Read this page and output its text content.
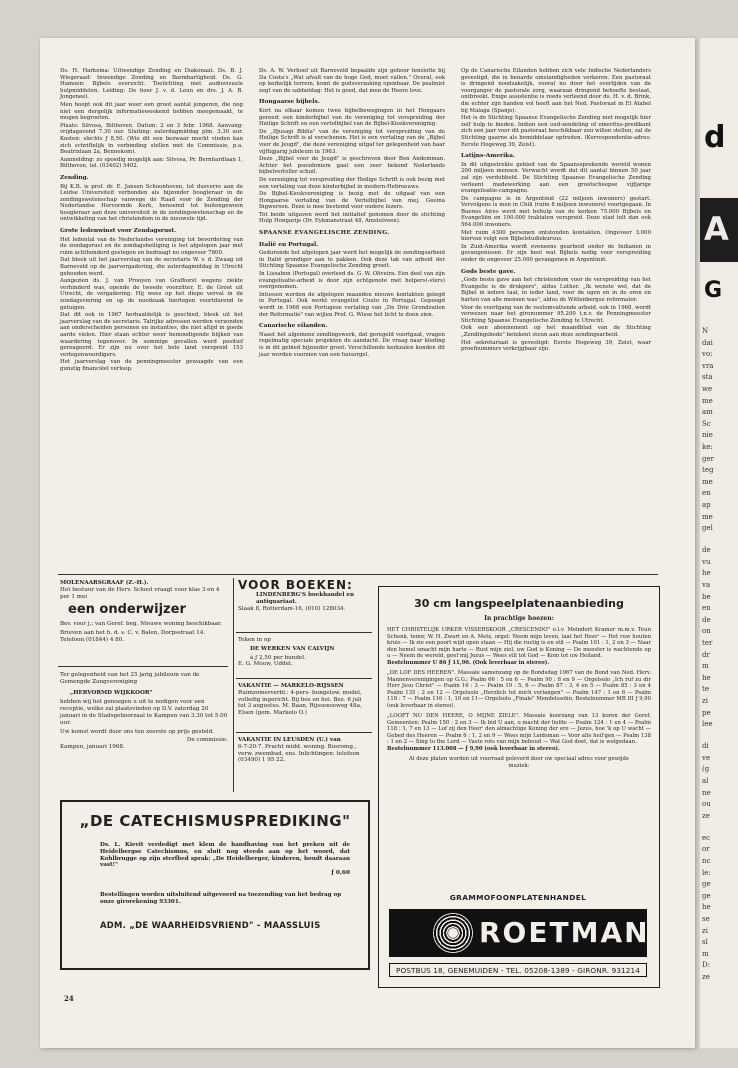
Ds. H. Harkema: Uitwendige Zending en Diakonaat. Ds. B. J. Wiegeraad: Inwendige Zending en Barmhartigheid. Ds. G. Hamoen: Bijbels overzicht. Toelichting met audiovisuele hulpmiddelen. Leiding: De heer J. v. d. Leun en drs. J. A. B. Jongeneel.

Men hoopt ook dit jaar weer een groot aantal jongeren, die nog niet een dergelijk informatieweekend hebben meegemaakt, te mogen begroeten.

Plaats: Silvosa, Bilthoven. Datum: 2 en 3 febr. 1968. Aanvang: vrijdagavond 7.30 uur. Sluiting: zaterdagmiddag plm. 3.30 uur. Kosten: slechts ƒ 8,50. (Wie dit een bezwaar mocht vinden kan zich schriftelijk in verbinding stellen met de Commissie, p.a. Beatrixlaan 2a, Bennekom).

Aanmelding: zo spoedig mogelijk aan: Silvosa, Pr. Bernhardlaan 1, Bilthoven, tel. (03402) 5402.

Zending.

Bij K.B. is prof. dr. E. Jansen Schoonhoven, tot dusverre aan de Leidse Universiteit verbonden als bijzonder hoogleraar in de zendingswetenschap vanwege de Raad voor de Zending der Nederlandse Hervormde Kerk, benoemd tot buitengewoon hoogleraar aan deze universiteit in de zendingswetenschap en de ontwikkeling van het christendom in de nieuwste tijd.

Grote ledenwinst voor Zendagsrust.

Het ledental van de Nederlandse vereniging tot bevordering van de zondagsrust en de zondagsheiliging is het afgelopen jaar met ruim achthonderd gestegen en bedraagt nu ongeveer 7800.

Dat bleek uit het jaarverslag van de secretaris W. v. d. Zwaag uit Barneveld op de jaarvergadering, die zaterdagmiddag in Utrecht gehouden werd.

Aangezien ds. J. van Prooyen van Grafhorst wegens ziekte verhinderd was, opende de tweede voorzitter, E. de Groot uit Utrecht, de vergadering. Hij wees op het diepe verval in de zondagsviering en op de noodzaak hiertegen voortdurend te getuigen.

Dat dit ook in 1967 herhaaldelijk is geschied, bleek uit het jaarverslag van de secretaris. Talrijke adressen werden verzonden aan onderscheiden personen en instanties, die niet altijd in goede aarde vielen. Hier staan echter weer bemoedigende blijken van waardering tegenover. In sommige gevallen werd positief gereageerd. Er zijn nu over het hele land verspreid 153 vertegenwoordigers.

Het jaarverslag van de penningmeester gewaagde van een gunstig financiëel verloop.

Ds. A. W. Verhoef uit Barneveld bepaalde zijn gehoor tenslotte bij Da Costa's „Wat afvalt van de hoge God, moet vallen." Overal, ook op kerkelijk terrein, komt de godsverzaking openbaar. De psalmist zegt van de sabbatdag: Het is goed, dat men de Heere love.

Hongaarse bijbels.

Kort na elkaar komen twee bijbelbewegingen in het Hongaars gereed: een kinderbijbel van de vereniging tot verspreiding der Heilige Schrift en een vertelbijbel van de Bijbel-Kioskvereniging.

De „Ifjusagi Biblia" van de vereniging tot verspreiding van de Heilige Schrift is al verschenen. Het is een vertaling van de „Bijbel voor de Jeugd", die deze vereniging uitgaf ter gelegenheid van haar vijftigjarig jubileum in 1963.

Deze „Bijbel voor de Jeugd" is geschreven door Ben Andemman. Achter het pseudoniem gaat een zeer bekend Nederlands bijbelverteller schuil.

De vereniging tot verspreiding der Heilige Schrift is ook bezig met een vertaling van deze kinderbijbel in modern-Hebreeuws.

De Bijbel-Kioskvereniging is bezig met de uitgaaf van een Hongaarse vertaling van de Vertelbijbel van mej. Geeina Ingwersen. Deze is mee bestemd voor oudere lezers.

Tot beide uitgaven werd het initiatief genomen door de stichting Hulp Hongarije (Dr. Eykmanstraat 48, Amstelveen).

SPAANSE EVANGELISCHE ZENDING.
Italië en Portugal.

Gedurende het afgelopen jaar werd het mogelijk de zendingsarbeid in Italië grondiger aan te pakken. Ook deze tak van arbeid der Stichting Spaanse Evangelische Zending groeit.

In Lissabon (Portugal) overleed ds. G. W. Oliveira. Een deel van zijn evangelisatie-arbeid is door zijn echtgenote met helpers(-sters) overgenomen.

Intussen werden de afgelopen maanden nieuwe kontakten gelegd in Portugal. Ook werkt evangelist Couto in Portugal. Gepoogd wordt in 1968 een Portugese vertaling van „De Drie Grondzuilen der Reformatie" van wijlen Prof. G. Wisse het licht te doen zien.

Canarische eilanden.

Naast het algemene zendingswerk, dat geregeld voortgaat, vragen regelmatig speciale projekten de aandacht. De vraag naar kleding is in dit gebied bijzonder groot. Verschillende kerkzalen konden dit jaar worden voorzien van een huisorgel.

Op de Canarische Eilanden hebben zich vele Indische Nederlanders gevestigd, die in benarde omstandigheden verkeren. Een pastoraat is dringend noodzakelijk, vooral nu door het overlijden van de voorganger de pastorale zorg, waaraan dringend behoefte bestaat, ontbreekt. Enige assistentie is reeds verleend door ds. H. v. d. Brink, die echter zijn handen vol heeft aan het Ned. Pastoraat in El Atabel bij Malaga (Spanje).

Het is de Stichting Spaanse Evangelische Zending niet mogelijk hier zelf hulp te bieden. Indien een oud-zendeling of emeritus-predikant zich een jaar voor dit pastoraat beschikbaar zou willen stellen, zal de Stichting gaarne als bemiddelaar optreden. (Korrespondentie-adres: Eerste Hogeweg 39, Zeist).

Latijns-Amerika.

In dit uitgestrekte gebied van de Spaanssprekende wereld wonen 200 miljoen mensen. Verwacht wordt dat dit aantal binnen 50 jaar zal zijn verdubbeld. De Stichting Spaanse Evangelische Zending verleent medewerking aan een grootscheepse vijfjarige evangelisatie-campagne.

De campagne is in Argentinië (22 miljoen inwoners) gestart. Vervolgens is men in Chili (ruim 8 miljoen inwoners) voortgegaan. In Buenos Aires werd met behulp van de kerken 75.000 Bijbels en Evangeliën en 100.000 traktaten verspreid. Deze stad telt dan ook 564.000 inwoners.

Met ruim 4300 personen ontstonden kontakten. Ongeveer 3.000 hiervan volgt een Bijbelstudiekursus.

In Zuid-Amerika wordt eveneens gearbeid onder de Indianen in gevangenissen. Er zijn heel wat Bijbels nodig voor verspreiding onder de ongeveer 25.000 gevangenen in Argentinië.

Gods beste gave.

„Gods beste gave aan het christendom voor de verspreiding van het Evangelie is de drukpers", aldus Luther. „Ik wenste wel, dat de Bijbel in iedere taal, in ieder land, voor de ogen en in de oren en harten van alle mensen was", aldus de Wittenbergse reformator.

Voor de voortgang van de veelomvattende arbeid, ook in 1968, wordt verwezen naar het gironummer 95.200 t.n.v. de Penningmeester Stichting Spaanse Evangelische Zending te Utrecht.

Ook een abonnement op het maandblad van de Stichting „Zendingsbode" betekent steun aan deze zendingsarbeid.

Het sekretariaat is gevestigd: Eerste Hogeweg 39, Zeist, waar proefnummers verkrijgbaar zijn.

MOLENAARSGRAAF (Z.-H.).
Het bestuur van de Herv. School vraagt voor klas 3 en 4 per 1 mei
een onderwijzer

Bev. voor j.; van Geref. beg. Nieuwe woning beschikbaar.

Brieven aan het h. d. s. C. v. Balen, Dorpsstraat 14. Telefoon (01844) 4 80.

Ter gelegenheid van het 25 jarig jubileum van de Gemengde Zangvereniging

„HERVORMD WIJKKOOR"

hebben wij het genoegen u uit te nodigen voor een receptie, welke zal plaatsvinden op D.V. zaterdag 20 januari in de Stadsgehoorzaal te Kampen van 3.30 tot 5.00 uur.

Uw komst wordt door ons ten zeerste op prijs gesteld.

De commissie.
Kampen, januari 1968.
VOOR BOEKEN:
LINDENBERG'S boekhandel en antiquariaat.
Slaak 8, Rotterdam-16, (010) 128034.
Teken in op
DE WERKEN VAN CALVIJN
à ƒ 2,50 per bundel.
E. G. Mouw, Uddel.
VAKANTIE — MARKELO-RIJSSEN
Ruimzomerverbl.: 4-pers- bungelow. model, volledig ingericht. Bij bos en hei. Bez. 6 juli tot 3 augustus. M. Baan, Rijssenseweg 48a, Elsen (gem. Markelo O.)
VAKANTIE IN LEUSDEN (U.) van
6-7-20-7. Pracht midd. woning. Bosromg., verw. zwembad, ens. Inlichtingen: telefoon (03490) 1 95 22.
„DE CATECHISMUSPREDIKING"
Ds. L. Kievit verdedigt met klem de handhaving van het preken uit de Heidelbergse Catechismus, en sluit nog steeds aan op het woord, dat Kohlbrugge op zijn sterfbed sprak: „De Heidelberger, kinderen, houdt daaraan vast!"
ƒ 0,60
Bestellingen worden uitsluitend uitgevoerd na toezending van het bedrag op onze girorekening 93301.
ADM. „DE WAARHEIDSVRIEND" - MAASSLUIS
30 cm langspeelplatenaanbieding
In prachtige hoezen:

HET CHRISTELIJK URKER VISSERSKOOR „CRESCENDO" o.l.v. Meindert Kramer m.m.v. Teun Schenk, tenor, W. H. Zwart en A. Metz, orgel: Neem mijn leven, laat het Heer' — Het ruw houten kruis — Ik zie een poort wijd open staan — Hij die rustig is en stil — Psalm 101 : 1, 2 en 3 — Naar den hemel smacht mijn harte — Rust mijn ziel, uw God is Koning — De meester is wachtende op u — Neem de wereld, geef mij Jezus — Wees stil tot God — Kom tot uw Heiland.

Bestelnummer U 86 ƒ 11,90. (Ook leverbaar in stereo).

„DE LOF DES HEEREN". Massale samenzang op de Bondsdag 1967 van de Bond van Ned. Herv. Mannenverenigingen op G.G.; Psalm 66 : 5 en 6 — Psalm 90 : 8 en 9 — Orgelsolo „Ich ruf zu dir Herr Jesu Christ" — Psalm 16 : 3 — Psalm 19 : 5, 6 — Psalm 87 : 3, 4 en 5 — Psalm 85 : 3 en 4 Psalm 135 : 2 en 12 — Orgelsolo „Herzlich tut mich verlangen" — Psalm 147 : 1 en 6 — Psalm 118 : 7 — Psalm 116 : 1, 10 en 11— Orgelsolo „Finale" Mendelssohn. Bestelnummer MB III ƒ 9,90 (ook leverbaar in stereo).

„LOOFT NU DEN HEERE, O MIJNE ZIELE". Massale koorzang van 13 koren der Geref. Gemeenten: Psalm 150 : 2 en 3 — Ik bid U aan, o macht der liefde — Psalm 124 : 1 en 4 — Psalm 118 : 1, 7 en 13 — Lof zij den Heer' den almachtige Koning der ere — Jezus, hoe 'k op U wacht — Gebed des Heeren — Psalm 6 : 1, 2 en 9 — Wees mijn Leidsman — Voor alle heil'gen — Psalm 138 : 1 en 2 — Sing to the Lord — Vaste rots van mijn behoud — Wat God doet, dat is welgedaan.

Bestelnummer 113.008 — ƒ 9,90 (ook leverbaar in stereo).

Al deze platen worden uit voorraad geleverd door uw speciaal adres voor gewijde muziek:

GRAMMOFOONPLATENHANDEL
ROETMAN
POSTBUS 18, GENEMUIDEN - TEL. 05208-1389 - GIRONR. 931214
24
d
A
G
N
dai
vo:
vra
sta
we
me
am
Sc
nie
ke:
ger
teg
me
en
ap
me
gel
de
vu
he
va
be
en
de
on
ter
dr
m
he
te
zi
pe
lee
di
ve
(g
al
ne
ou
ze
ec
or
nc
le:
ge
ge
he
se
zi
sl
m
D:
ze
